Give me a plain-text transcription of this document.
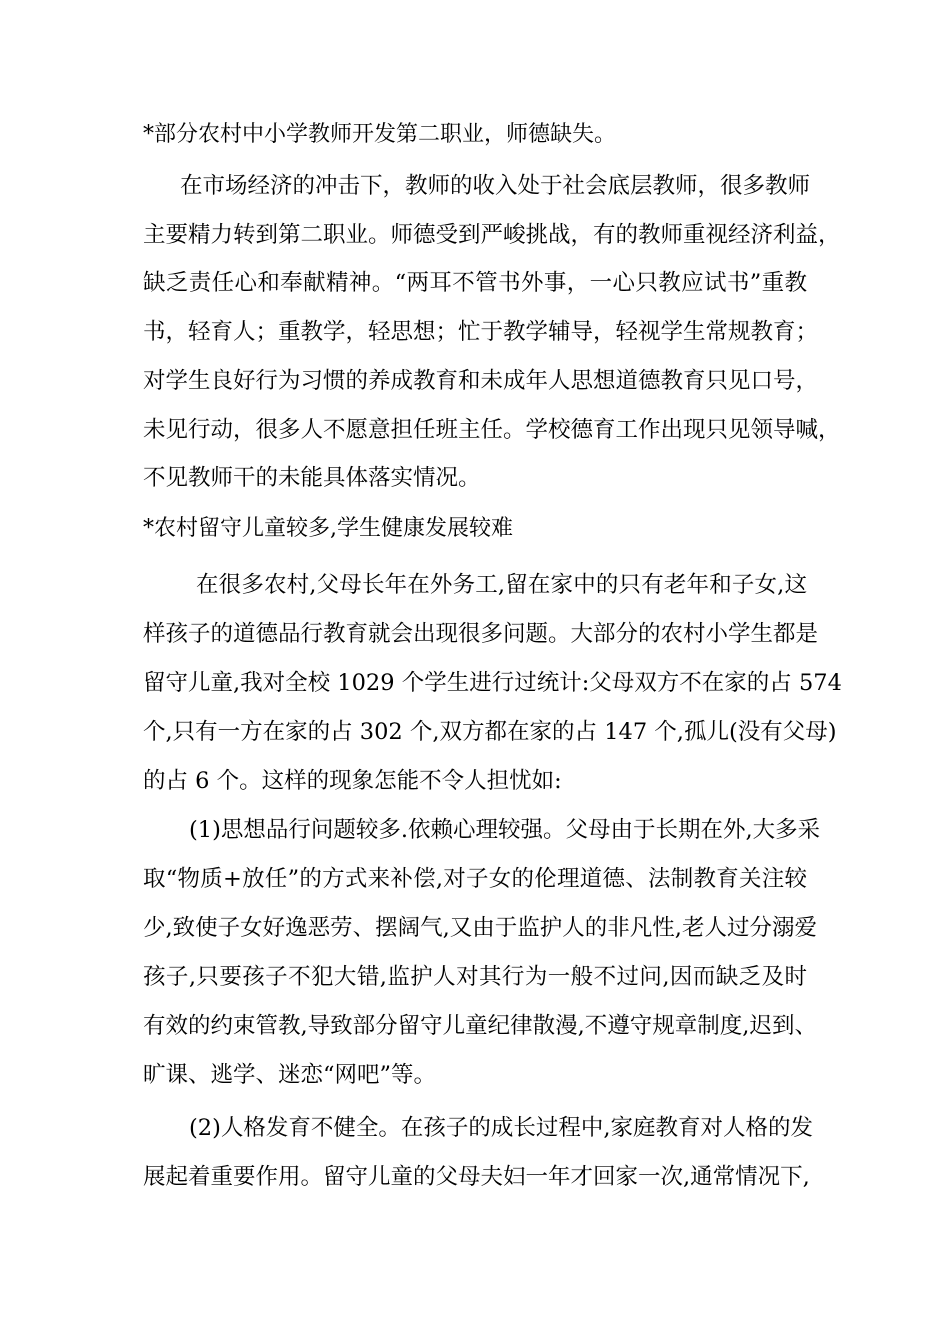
*部分农村中小学教师开发第二职业，师德缺失。
在市场经济的冲击下，教师的收入处于社会底层教师，很多教师
主要精力转到第二职业。师德受到严峻挑战，有的教师重视经济利益，
缺乏责任心和奉献精神。“两耳不管书外事，一心只教应试书”重教
书，轻育人；重教学，轻思想；忙于教学辅导，轻视学生常规教育；
对学生良好行为习惯的养成教育和未成年人思想道德教育只见口号，
未见行动，很多人不愿意担任班主任。学校德育工作出现只见领导喊，
不见教师干的未能具体落实情况。
*农村留守儿童较多,学生健康发展较难
在很多农村,父母长年在外务工,留在家中的只有老年和子女,这
样孩子的道德品行教育就会出现很多问题。大部分的农村小学生都是
留守儿童,我对全校 1029 个学生进行过统计:父母双方不在家的占 574
个,只有一方在家的占 302 个,双方都在家的占 147 个,孤儿(没有父母)
的占 6 个。这样的现象怎能不令人担忧如:
(1)思想品行问题较多.依赖心理较强。父母由于长期在外,大多采
取“物质+放任”的方式来补偿,对子女的伦理道德、法制教育关注较
少,致使子女好逸恶劳、摆阔气,又由于监护人的非凡性,老人过分溺爱
孩子,只要孩子不犯大错,监护人对其行为一般不过问,因而缺乏及时
有效的约束管教,导致部分留守儿童纪律散漫,不遵守规章制度,迟到、
旷课、逃学、迷恋“网吧”等。
(2)人格发育不健全。在孩子的成长过程中,家庭教育对人格的发
展起着重要作用。留守儿童的父母夫妇一年才回家一次,通常情况下,
